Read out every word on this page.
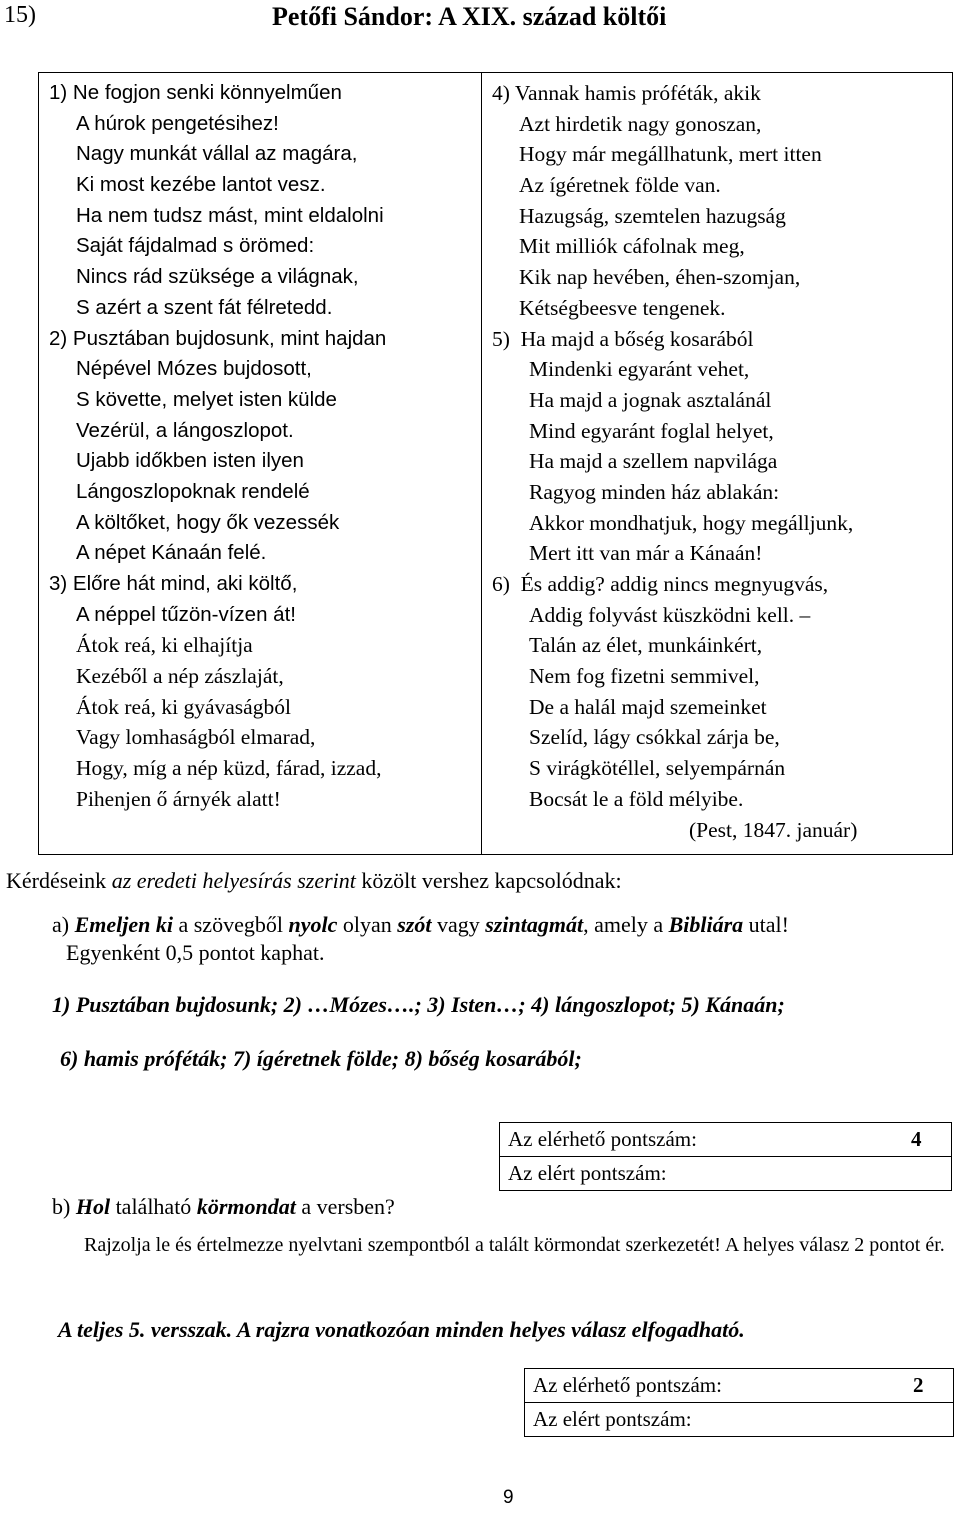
15)	Petőfi Sándor: A XIX. század költői
1) Ne fogjon senki könnyelműen
A húrok pengetésihez!
Nagy munkát vállal az magára,
Ki most kezébe lantot vesz.
Ha nem tudsz mást, mint eldalolni
Saját fájdalmad s örömed:
Nincs rád szüksége a világnak,
S azért a szent fát félretedd.
2) Pusztában bujdosunk, mint hajdan
Népével Mózes bujdosott,
S követte, melyet isten külde
Vezérül, a lángoszlopot.
Ujabb időkben isten ilyen
Lángoszlopoknak rendelé
A költőket, hogy ők vezessék
A népet Kánaán felé.
3) Előre hát mind, aki költő,
A néppel tűzön-vízen át!
Átok reá, ki elhajítja
Kezéből a nép zászlaját,
Átok reá, ki gyávaságból
Vagy lomhaságból elmarad,
Hogy, míg a nép küzd, fárad, izzad,
Pihenjen ő árnyék alatt!
4) Vannak hamis próféták, akik
Azt hirdetik nagy gonoszan,
Hogy már megállhatunk, mert itten
Az ígéretnek földe van.
Hazugság, szemtelen hazugság
Mit milliók cáfolnak meg,
Kik nap hevében, éhen-szomjan,
Kétségbeesve tengenek.
5)  Ha majd a bőség kosarából
Mindenki egyaránt vehet,
Ha majd a jognak asztalánál
Mind egyaránt foglal helyet,
Ha majd a szellem napvilága
Ragyog minden ház ablakán:
Akkor mondhatjuk, hogy megálljunk,
Mert itt van már a Kánaán!
6)  És addig? addig nincs megnyugvás,
Addig folyvást küszködni kell. –
Talán az élet, munkáinkért,
Nem fog fizetni semmivel,
De a halál majd szemeinket
Szelíd, lágy csókkal zárja be,
S virágkötéllel, selyempárnán
Bocsát le a föld mélyibe.
(Pest, 1847. január)
Kérdéseink az eredeti helyesírás szerint közölt vershez kapcsolódnak:
a) Emeljen ki a szövegből nyolc olyan szót vagy szintagmát, amely a Bibliára utal!
Egyenként 0,5 pontot kaphat.
1) Pusztában bujdosunk; 2) …Mózes….; 3) Isten…; 4) lángoszlopot; 5) Kánaán;
6) hamis próféták; 7) ígéretnek földe; 8) bőség kosarából;
Az elérhető pontszám:	4
Az elért pontszám:	
b) Hol található körmondat a versben?
Rajzolja le és értelmezze nyelvtani szempontból a talált körmondat szerkezetét! A helyes válasz 2 pontot ér.
A teljes 5. versszak. A rajzra vonatkozóan minden helyes válasz elfogadható.
Az elérhető pontszám:	2
Az elért pontszám:	
9
